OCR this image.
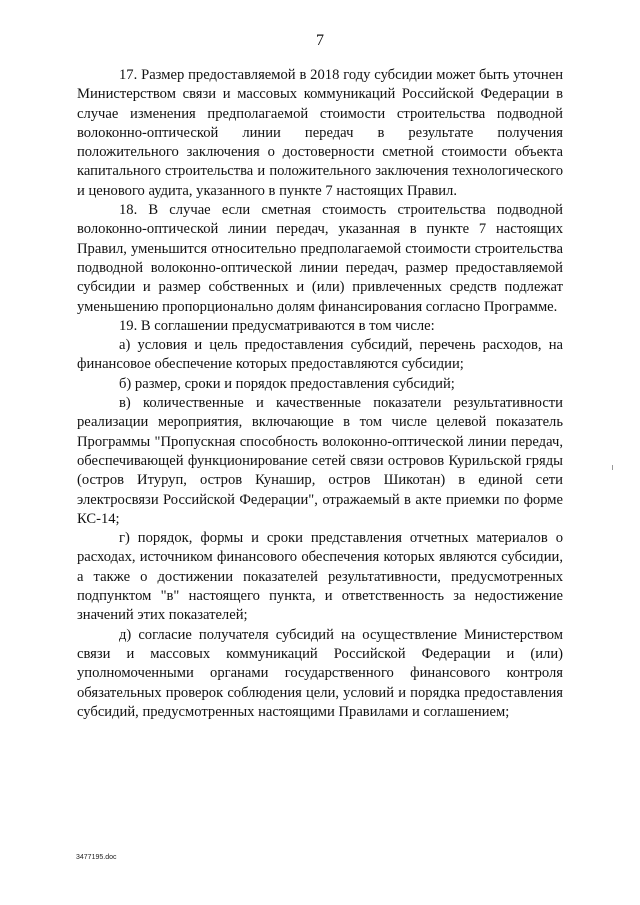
7

17. Размер предоставляемой в 2018 году субсидии может быть уточнен Министерством связи и массовых коммуникаций Российской Федерации в случае изменения предполагаемой стоимости строительства подводной волоконно-оптической линии передач в результате получения положительного заключения о достоверности сметной стоимости объекта капитального строительства и положительного заключения технологического и ценового аудита, указанного в пункте 7 настоящих Правил.

18. В случае если сметная стоимость строительства подводной волоконно-оптической линии передач, указанная в пункте 7 настоящих Правил, уменьшится относительно предполагаемой стоимости строительства подводной волоконно-оптической линии передач, размер предоставляемой субсидии и размер собственных и (или) привлеченных средств подлежат уменьшению пропорционально долям финансирования согласно Программе.

19. В соглашении предусматриваются в том числе:

а) условия и цель предоставления субсидий, перечень расходов, на финансовое обеспечение которых предоставляются субсидии;

б) размер, сроки и порядок предоставления субсидий;

в) количественные и качественные показатели результативности реализации мероприятия, включающие в том числе целевой показатель Программы "Пропускная способность волоконно-оптической линии передач, обеспечивающей функционирование сетей связи островов Курильской гряды (остров Итуруп, остров Кунашир, остров Шикотан) в единой сети электросвязи Российской Федерации", отражаемый в акте приемки по форме КС-14;

г) порядок, формы и сроки представления отчетных материалов о расходах, источником финансового обеспечения которых являются субсидии, а также о достижении показателей результативности, предусмотренных подпунктом "в" настоящего пункта, и ответственность за недостижение значений этих показателей;

д) согласие получателя субсидий на осуществление Министерством связи и массовых коммуникаций Российской Федерации и (или) уполномоченными органами государственного финансового контроля обязательных проверок соблюдения цели, условий и порядка предоставления субсидий, предусмотренных настоящими Правилами и соглашением;

3477195.doc
